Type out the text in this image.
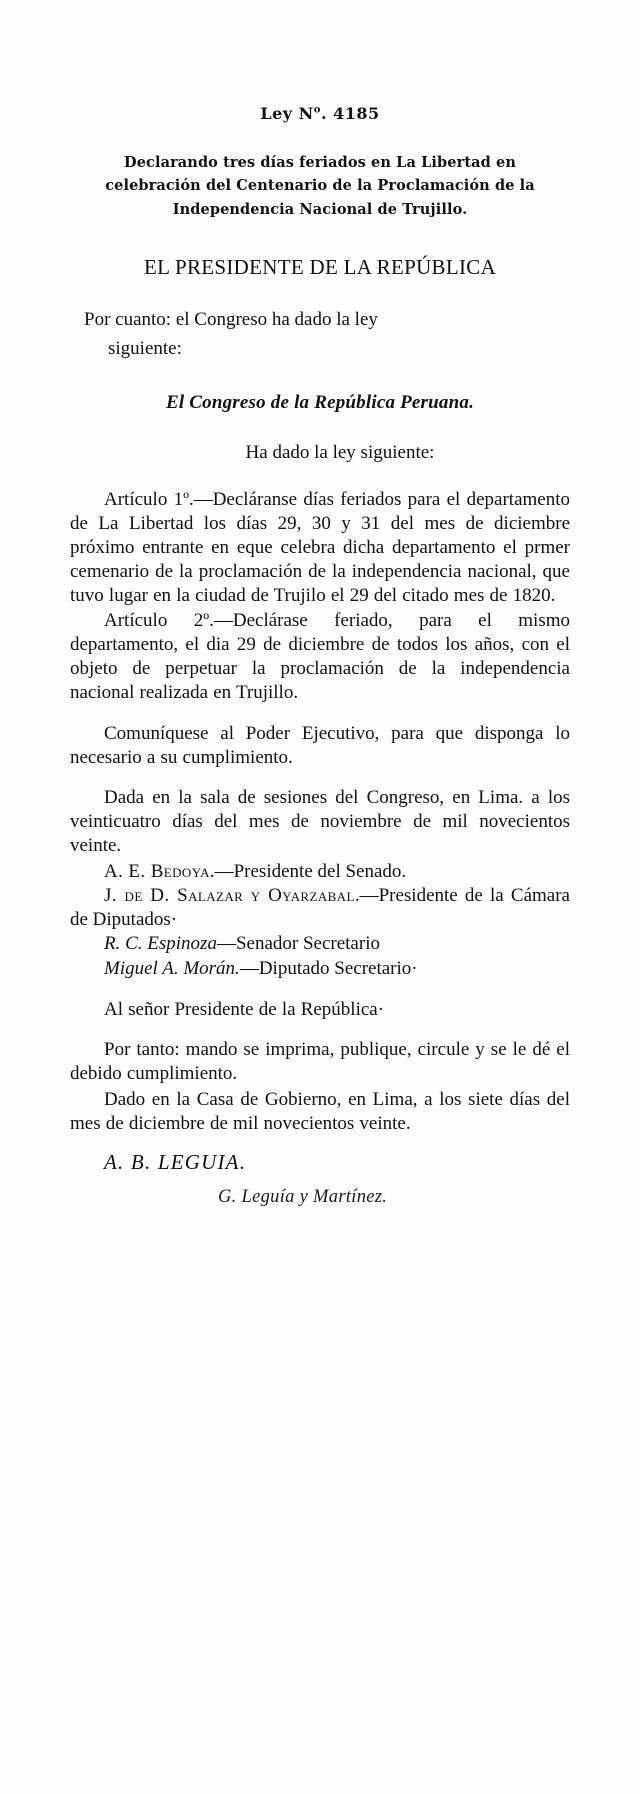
Ley $N^o$. 4185
Declarando tres días feriados en La Libertad en celebración del Centenario de la Proclamación de la Independencia Nacional de Trujillo.
EL PRESIDENTE DE LA REPÚBLICA
Por cuanto: el Congreso ha dado la ley
siguiente:
El Congreso de la República Peruana.
Ha dado la ley siguiente:

Artículo 1º.—Decláranse días feriados para el departamento de La Libertad los días 29, 30 y 31 del mes de diciembre próximo entrante en eque celebra dicha departamento el prmer cemenario de la proclamación de la independencia nacional, que tuvo lugar en la ciudad de Trujilo el 29 del citado mes de 1820.

Artículo 2º.—Declárase feriado, para el mismo departamento, el dia 29 de diciembre de todos los años, con el objeto de perpetuar la proclamación de la independencia nacional realizada en Trujillo.

Comuníquese al Poder Ejecutivo, para que disponga lo necesario a su cumplimiento.

Dada en la sala de sesiones del Congreso, en Lima. a los veinticuatro días del mes de noviembre de mil novecientos veinte.

A. E. Bedoya.—Presidente del Senado.

J. de D. Salazar y Oyarzabal.—Presidente de la Cámara de Diputados·

R. C. Espinoza—Senador Secretario

Miguel A. Morán.—Diputado Secretario·

Al señor Presidente de la República·

Por tanto: mando se imprima, publique, circule y se le dé el debido cumplimiento.

Dado en la Casa de Gobierno, en Lima, a los siete días del mes de diciembre de mil novecientos veinte.

A. B. LEGUIA.

G. Leguía y Martínez.
